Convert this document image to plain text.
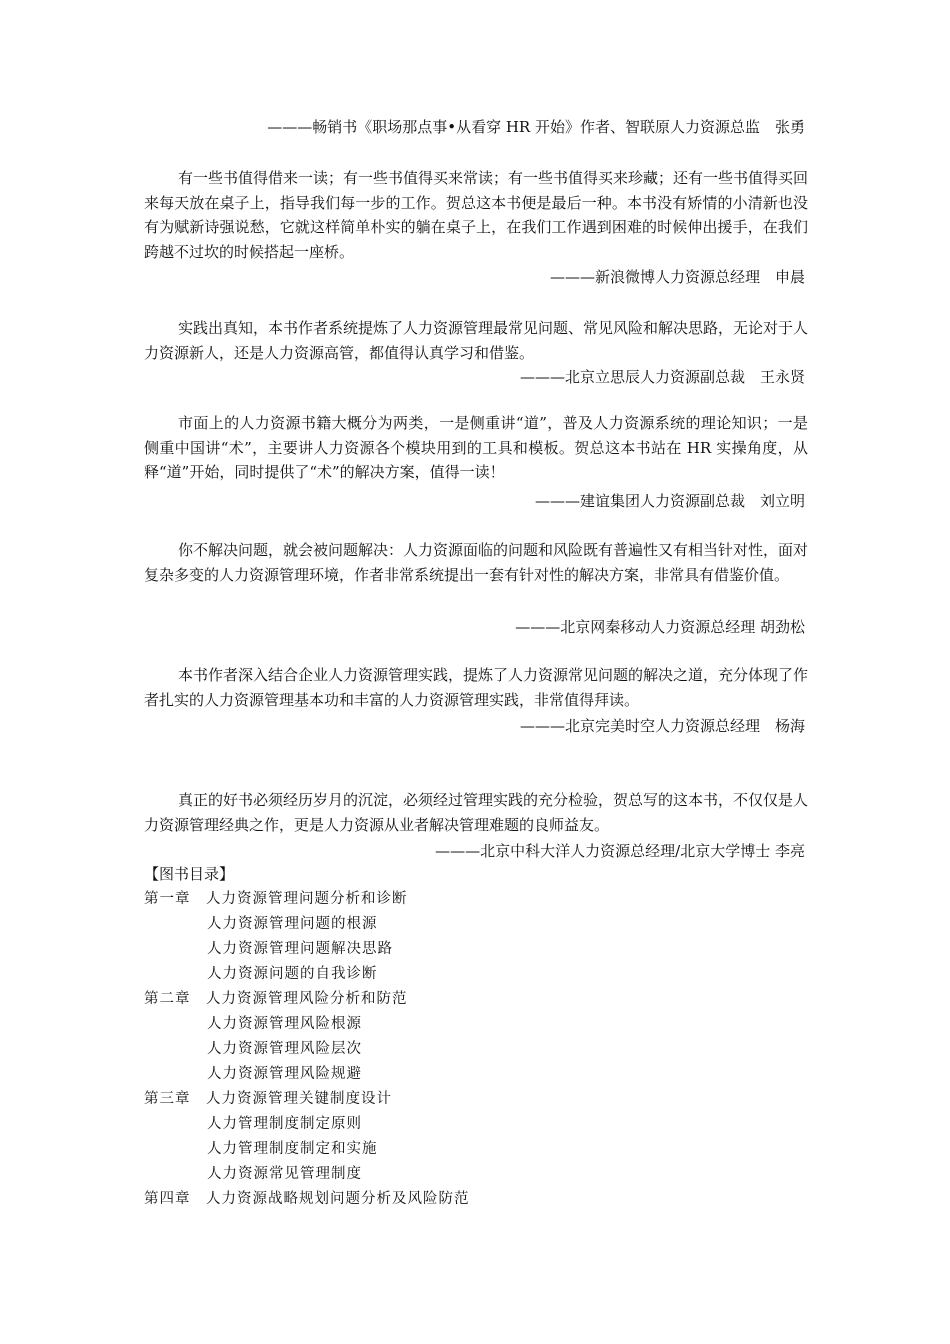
———畅销书《职场那点事•从看穿 HR 开始》作者、智联原人力资源总监　张勇
有一些书值得借来一读；有一些书值得买来常读；有一些书值得买来珍藏；还有一些书值得买回来每天放在桌子上，指导我们每一步的工作。贺总这本书便是最后一种。本书没有矫情的小清新也没有为赋新诗强说愁，它就这样简单朴实的躺在桌子上，在我们工作遇到困难的时候伸出援手，在我们跨越不过坎的时候搭起一座桥。
———新浪微博人力资源总经理　申晨
实践出真知，本书作者系统提炼了人力资源管理最常见问题、常见风险和解决思路，无论对于人力资源新人，还是人力资源高管，都值得认真学习和借鉴。
———北京立思辰人力资源副总裁　王永贤
市面上的人力资源书籍大概分为两类，一是侧重讲“道”，普及人力资源系统的理论知识；一是侧重中国讲“术”，主要讲人力资源各个模块用到的工具和模板。贺总这本书站在 HR 实操角度，从释“道”开始，同时提供了“术”的解决方案，值得一读！
———建谊集团人力资源副总裁　刘立明
你不解决问题，就会被问题解决：人力资源面临的问题和风险既有普遍性又有相当针对性，面对复杂多变的人力资源管理环境，作者非常系统提出一套有针对性的解决方案，非常具有借鉴价值。
———北京网秦移动人力资源总经理 胡劲松
本书作者深入结合企业人力资源管理实践，提炼了人力资源常见问题的解决之道，充分体现了作者扎实的人力资源管理基本功和丰富的人力资源管理实践，非常值得拜读。
———北京完美时空人力资源总经理　杨海
真正的好书必须经历岁月的沉淀，必须经过管理实践的充分检验，贺总写的这本书，不仅仅是人力资源管理经典之作，更是人力资源从业者解决管理难题的良师益友。
———北京中科大洋人力资源总经理/北京大学博士 李亮
【图书目录】
第一章　人力资源管理问题分析和诊断
人力资源管理问题的根源
人力资源管理问题解决思路
人力资源问题的自我诊断
第二章　人力资源管理风险分析和防范
人力资源管理风险根源
人力资源管理风险层次
人力资源管理风险规避
第三章　人力资源管理关键制度设计
人力管理制度制定原则
人力管理制度制定和实施
人力资源常见管理制度
第四章　人力资源战略规划问题分析及风险防范
